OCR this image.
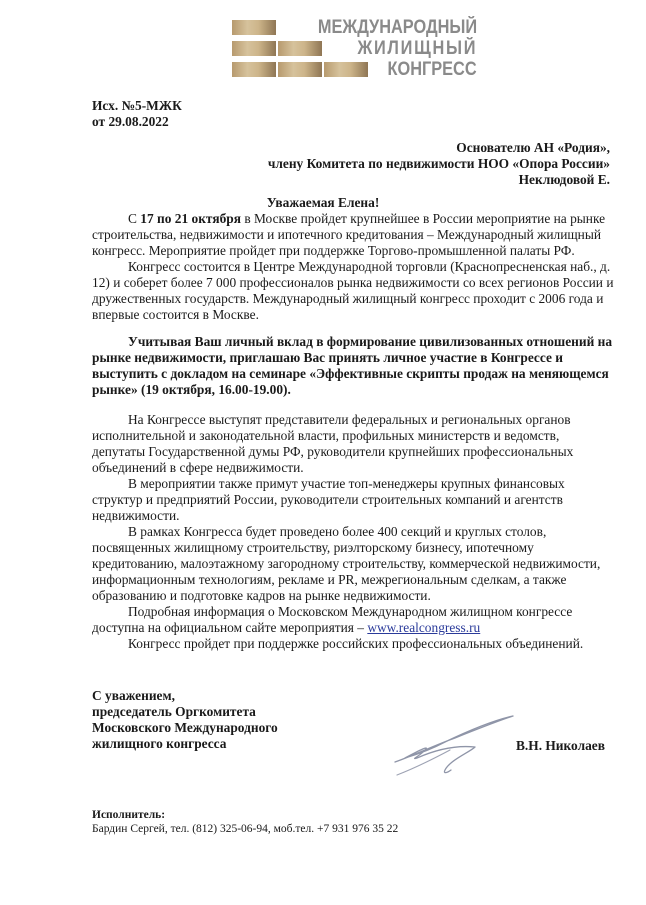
МЕЖДУНАРОДНЫЙ
ЖИЛИЩНЫЙ
КОНГРЕСС
Исх. №5-МЖК
от 29.08.2022
Основателю АН «Родия»,
члену Комитета по недвижимости НОО «Опора России»
Неклюдовой Е.
Уважаемая Елена!
С 17 по 21 октября в Москве пройдет крупнейшее в России мероприятие на рынке
строительства, недвижимости и ипотечного кредитования – Международный жилищный
конгресс. Мероприятие пройдет при поддержке Торгово-промышленной палаты РФ.
Конгресс состоится в Центре Международной торговли (Краснопресненская наб., д.
12) и соберет более 7 000 профессионалов рынка недвижимости со всех регионов России и
дружественных государств. Международный жилищный конгресс проходит с 2006 года и
впервые состоится в Москве.
Учитывая Ваш личный вклад в формирование цивилизованных отношений на
рынке недвижимости, приглашаю Вас принять личное участие в Конгрессе и
выступить с докладом на семинаре «Эффективные скрипты продаж на меняющемся
рынке» (19 октября, 16.00-19.00).
На Конгрессе выступят представители федеральных и региональных органов
исполнительной и законодательной власти, профильных министерств и ведомств,
депутаты Государственной думы РФ, руководители крупнейших профессиональных
объединений в сфере недвижимости.
В мероприятии также примут участие топ-менеджеры крупных финансовых
структур и предприятий России, руководители строительных компаний и агентств
недвижимости.
В рамках Конгресса будет проведено более 400 секций и круглых столов,
посвященных жилищному строительству, риэлторскому бизнесу, ипотечному
кредитованию, малоэтажному загородному строительству, коммерческой недвижимости,
информационным технологиям, рекламе и PR, межрегиональным сделкам, а также
образованию и подготовке кадров на рынке недвижимости.
Подробная информация о Московском Международном жилищном конгрессе
доступна на официальном сайте мероприятия – www.realcongress.ru
Конгресс пройдет при поддержке российских профессиональных объединений.
С уважением,
председатель Оргкомитета
Московского Международного
жилищного конгресса	В.Н. Николаев
Исполнитель:
Бардин Сергей, тел. (812) 325-06-94, моб.тел. +7 931 976 35 22
